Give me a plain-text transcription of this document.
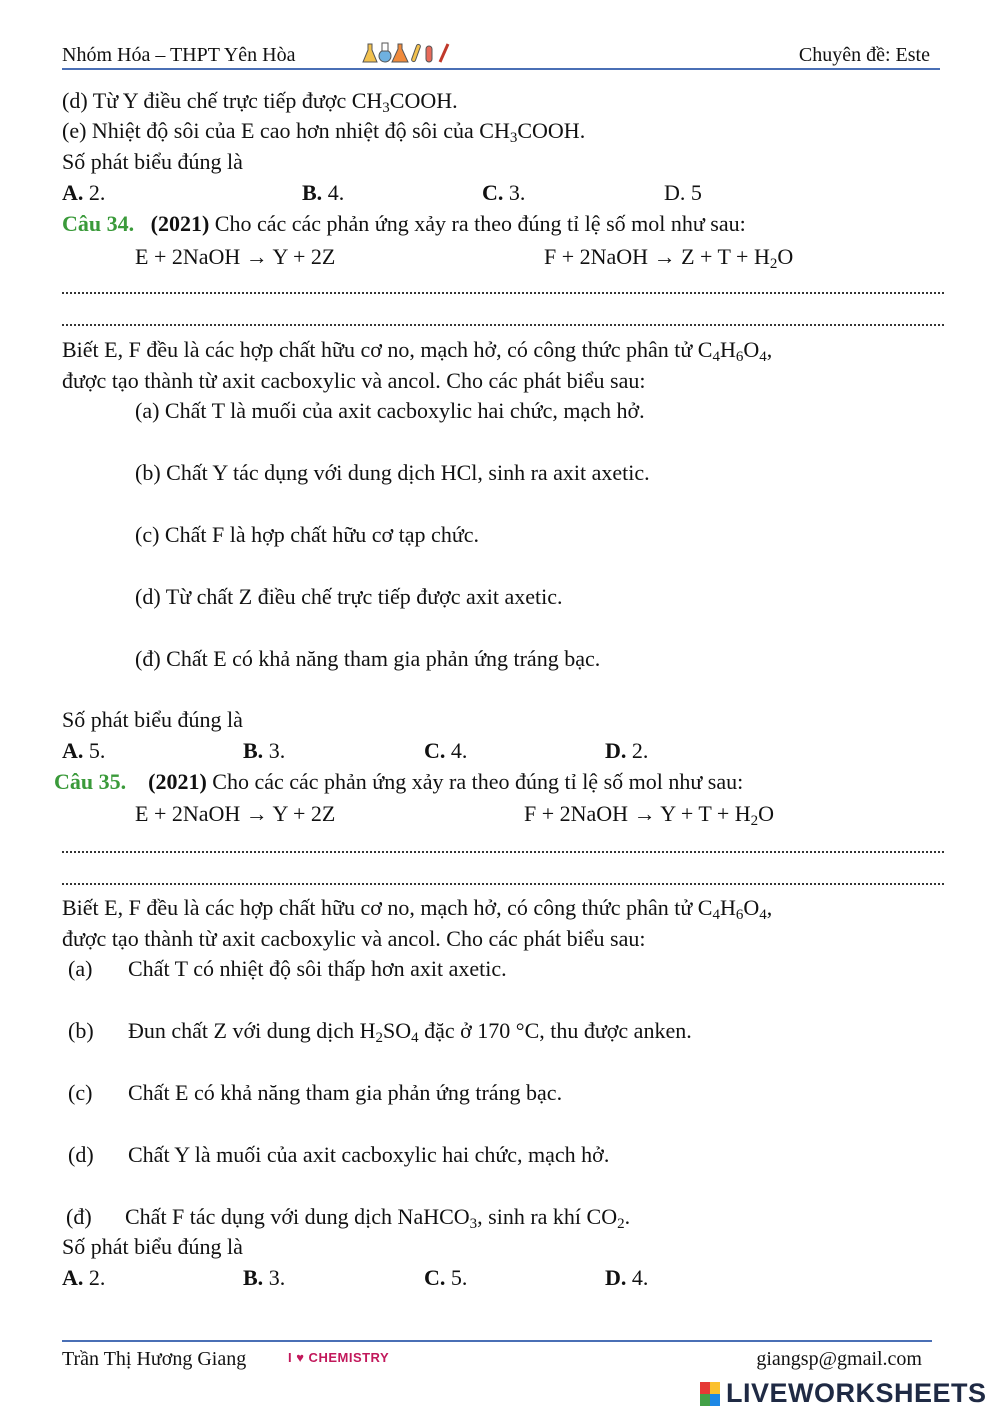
Nhóm Hóa – THPT Yên Hòa	Chuyên đề: Este
(d) Từ Y điều chế trực tiếp được $CH_3COOH$.
(e) Nhiệt độ sôi của E cao hơn nhiệt độ sôi của $CH_3COOH$.
Số phát biểu đúng là
A. 2.	B. 4.	C. 3.	D. 5
Câu 34. (2021) Cho các các phản ứng xảy ra theo đúng tỉ lệ số mol như sau:
E + 2NaOH → Y + 2Z	F + 2NaOH → $Z + T + H_2O$
Biết E, F đều là các hợp chất hữu cơ no, mạch hở, có công thức phân tử $C_4H_6O_4$,
được tạo thành từ axit cacboxylic và ancol. Cho các phát biểu sau:
(a) Chất T là muối của axit cacboxylic hai chức, mạch hở.
(b) Chất Y tác dụng với dung dịch HCl, sinh ra axit axetic.
(c) Chất F là hợp chất hữu cơ tạp chức.
(d) Từ chất Z điều chế trực tiếp được axit axetic.
(đ) Chất E có khả năng tham gia phản ứng tráng bạc.
Số phát biểu đúng là
A. 5.	B. 3.	C. 4.	D. 2.
Câu 35. (2021) Cho các các phản ứng xảy ra theo đúng tỉ lệ số mol như sau:
E + 2NaOH → Y + 2Z	F + 2NaOH → $Y + T + H_2O$
Biết E, F đều là các hợp chất hữu cơ no, mạch hở, có công thức phân tử $C_4H_6O_4$,
được tạo thành từ axit cacboxylic và ancol. Cho các phát biểu sau:
(a) Chất T có nhiệt độ sôi thấp hơn axit axetic.
(b) Đun chất Z với dung dịch $H_2SO_4$ đặc ở 170 °C, thu được anken.
(c) Chất E có khả năng tham gia phản ứng tráng bạc.
(d) Chất Y là muối của axit cacboxylic hai chức, mạch hở.
(đ) Chất F tác dụng với dung dịch NaHCO$_3$, sinh ra khí $CO_2$.
Số phát biểu đúng là
A. 2.	B. 3.	C. 5.	D. 4.
Trần Thị Hương Giang	I ♥ CHEMISTRY	giangsp@gmail.com
LIVEWORKSHEETS
